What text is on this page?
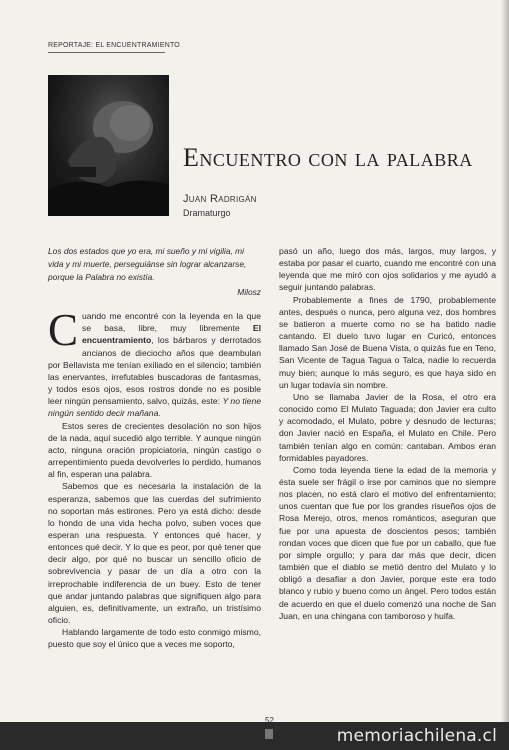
REPORTAJE: EL ENCUENTRAMIENTO
Encuentro con la palabra
Juan Radrigán
Dramaturgo

Los dos estados que yo era, mi sueño y mi vigilia, mi vida y mi muerte, perseguiánse sin lograr alcanzarse, porque la Palabra no existía.

Milosz

Cuando me encontré con la leyenda en la que se basa, libre, muy libremente El encuentramiento, los bárbaros y derrotados ancianos de dieciocho años que deambulan por Bellavista me tenían exiliado en el silencio; también las enervantes, irrefutables buscadoras de fantasmas, y todos esos ojos, esos rostros donde no es posible leer ningún pensamiento, salvo, quizás, este: Y no tiene ningún sentido decir mañana.

Estos seres de crecientes desolación no son hijos de la nada, aquí sucedió algo terrible. Y aunque ningún acto, ninguna oración propiciatoria, ningún castigo o arrepentimiento pueda devolverles lo perdido, humanos al fin, esperan una palabra.

Sabemos que es necesaria la instalación de la esperanza, sabemos que las cuerdas del sufrimiento no soportan más estirones. Pero ya está dicho: desde lo hondo de una vida hecha polvo, suben voces que esperan una respuesta. Y entonces qué hacer, y entonces qué decir. Y lo que es peor, por qué tener que decir algo, por qué no buscar un sencillo oficio de sobrevivencia y pasar de un día a otro con la irreprochable indiferencia de un buey. Esto de tener que andar juntando palabras que signifiquen algo para alguien, es, definitivamente, un extraño, un tristísimo oficio.

Hablando largamente de todo esto conmigo mismo, puesto que soy el único que a veces me soporto,

pasó un año, luego dos más, largos, muy largos, y estaba por pasar el cuarto, cuando me encontré con una leyenda que me miró con ojos solidarios y me ayudó a seguir juntando palabras.

Probablemente a fines de 1790, probablemente antes, después o nunca, pero alguna vez, dos hombres se batieron a muerte como no se ha batido nadie cantando. El duelo tuvo lugar en Curicó, entonces llamado San José de Buena Vista, o quizás fue en Teno, San Vicente de Tagua Tagua o Talca, nadie lo recuerda muy bien; aunque lo más seguro, es que haya sido en un lugar todavía sin nombre.

Uno se llamaba Javier de la Rosa, el otro era conocido como El Mulato Taguada; don Javier era culto y acomodado, el Mulato, pobre y desnudo de lecturas; don Javier nació en España, el Mulato en Chile. Pero también tenían algo en común: cantaban. Ambos eran formidables payadores.

Como toda leyenda tiene la edad de la memoria y ésta suele ser frágil o irse por caminos que no siempre nos placen, no está claro el motivo del enfrentamiento; unos cuentan que fue por los grandes risueños ojos de Rosa Merejo, otros, menos románticos, aseguran que fue por una apuesta de doscientos pesos; también rondan voces que dicen que fue por un caballo, que fue por simple orgullo; y para dar más que decir, dicen también que el diablo se metió dentro del Mulato y lo obligó a desafiar a don Javier, porque este era todo blanco y rubio y bueno como un ángel. Pero todos están de acuerdo en que el duelo comenzó una noche de San Juan, en una chingana con tamboroso y huifa.

52
memoriachilena.cl
